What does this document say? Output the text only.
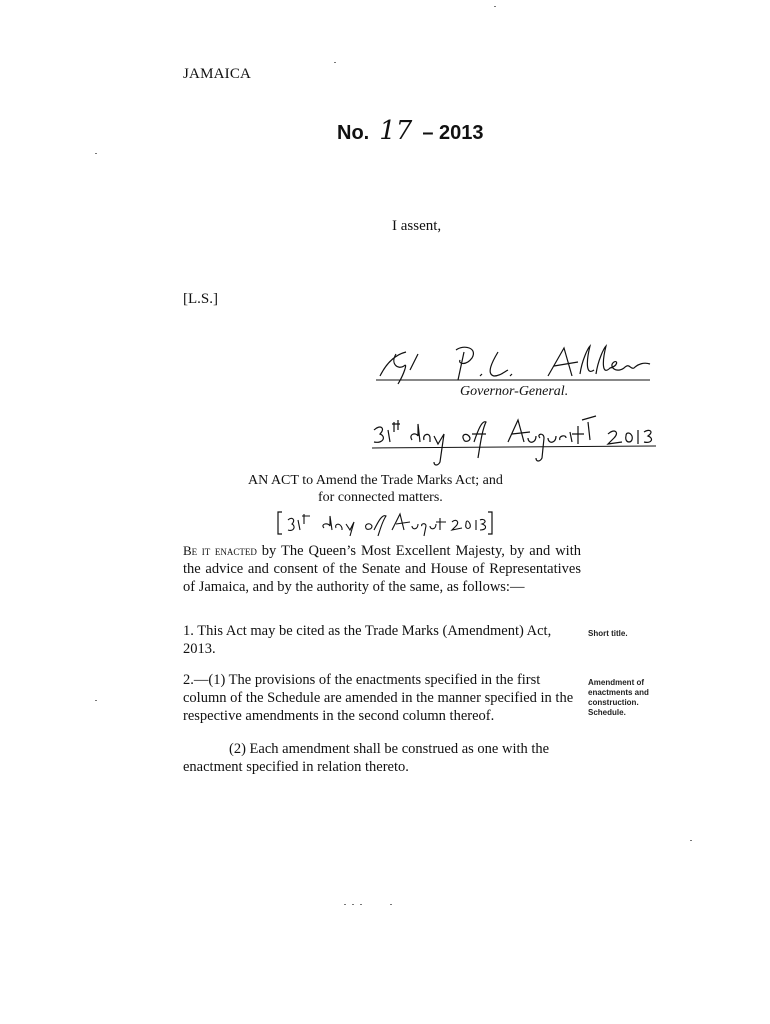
JAMAICA
No. 17 – 2013
I assent,
[L.S.]
Governor-General.
AN ACT to Amend the Trade Marks Act; and
for connected matters.
Be it enacted by The Queen’s Most Excellent Majesty, by and with the advice and consent of the Senate and House of Representatives of Jamaica, and by the authority of the same, as follows:—
1. This Act may be cited as the Trade Marks (Amendment) Act, 2013.
Short title.
2.—(1) The provisions of the enactments specified in the first column of the Schedule are amended in the manner specified in the respective amendments in the second column thereof.
Amendment of enactments and construction. Schedule.
(2) Each amendment shall be construed as one with the enactment specified in relation thereto.
